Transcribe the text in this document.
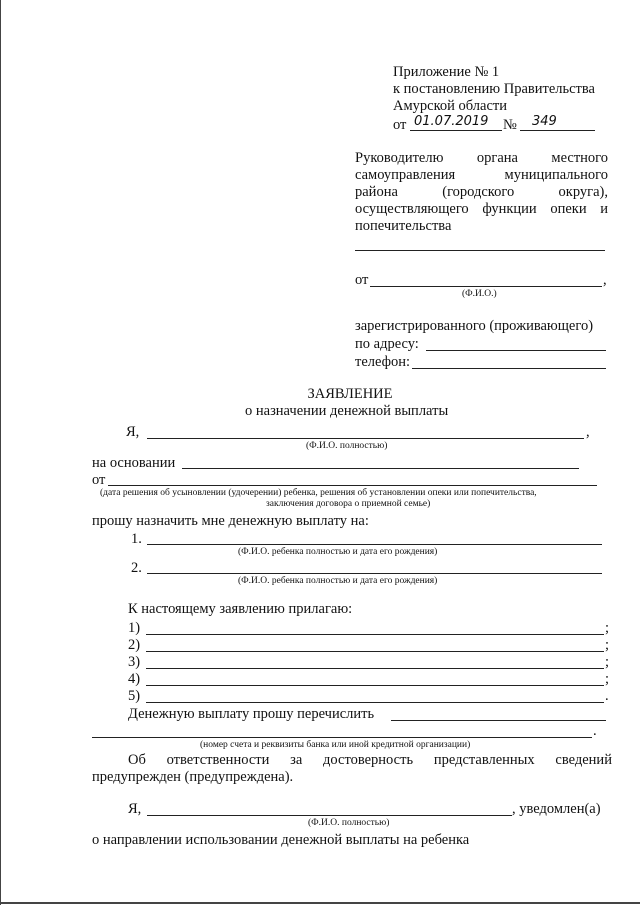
Приложение № 1
к постановлению Правительства
Амурской области
от 01.07.2019 № 349
Руководителю органа местного
самоуправления	муниципального
района	(городского	округа),
осуществляющего функции опеки и
попечительства
от	,
(Ф.И.О.)
зарегистрированного (проживающего)
по адресу:
телефон:
ЗАЯВЛЕНИЕ
о назначении денежной выплаты
Я,	,
(Ф.И.О. полностью)
на основании
от
(дата решения об усыновлении (удочерении) ребенка, решения об установлении опеки или попечительства,
заключения договора о приемной семье)
прошу назначить мне денежную выплату на:
1.
(Ф.И.О. ребенка полностью и дата его рождения)
2.
(Ф.И.О. ребенка полностью и дата его рождения)
К настоящему заявлению прилагаю:
1)	;
2)	;
3)	;
4)	;
5)	.
Денежную выплату прошу перечислить
.
(номер счета и реквизиты банка или иной кредитной организации)
Об ответственности за достоверность представленных сведений
предупрежден (предупреждена).
Я,	, уведомлен(а)
(Ф.И.О. полностью)
о направлении использовании денежной выплаты на ребенка
